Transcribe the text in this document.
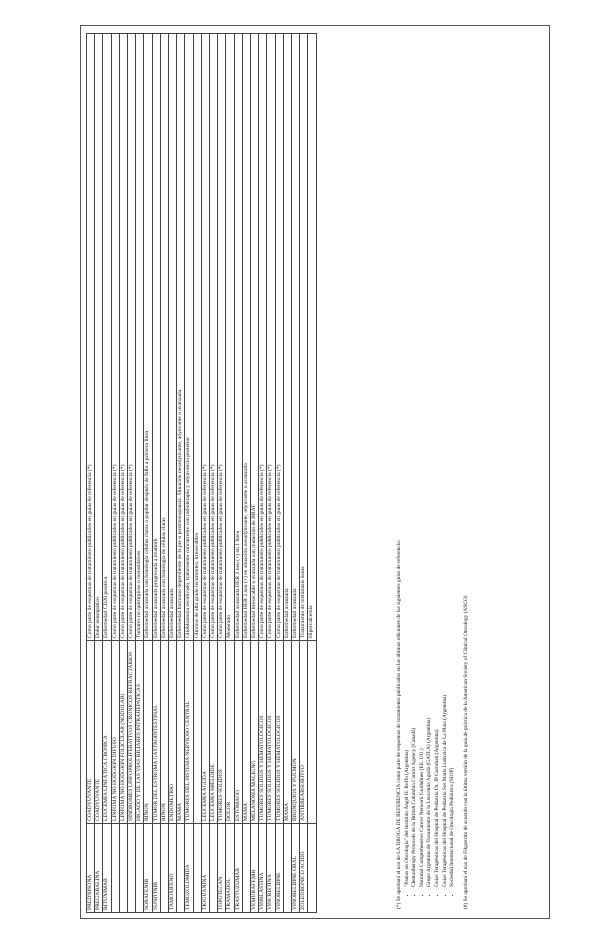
PREDNISONA	COADYUVANTE	Como parte de esquemas de tratamiento publicados en guías de referencia (*)
PREGABALINA	COADYUVANTE	Dolor neuropático
RITUXIMAB	LEUCEMIA LINFÁTICA CRÓNICA	Enfermedad CD20 positiva
	LINFOMA NO HODGKIN DIFUSO	Como parte de esquemas de tratamiento publicados en guías de referencia (*)
	LINFOMA NO HODGKIN FOLICULAR (NODULAR)	Como parte de esquemas de tratamiento publicados en guías de referencia (*)
	SINDROMES LINFOPROLIFERATIVOS CRÓNICOS REFRACTARIOS	Como parte de esquemas de tratamiento publicados en guías de referencia (*)
	HIGADO Y DE LAS VIAS BILIARES INTRAHEPATICAS	Tumores no quirúrgicos o metastásicos
SORAFENIB	RIÑON	Enfermedad avanzada con histología células claras o papilar después de fallo a primera línea
SUNITINIB	TUMOR DEL ESTROMA GASTROINTESTINAL	Enfermedad avanzada progresada a imatinib
	RIÑON	Enfermedad avanzada con histología de células claras
TAMOXIFENO	ENDOMETRIO	Enfermedad avanzada
	MAMA	Enfermedad hormono dependiente de la pre o postmenopausia. Situación neoadyuvante, adyuvante o avanzada.
TEMOZOLOMIDA	TUMORES DEL SISTEMA NERVIOSO CENTRAL	Glioblastoma recidivado, tratamiento concurrente con radioterapia y adyuvancia posterior
		Gliomas de alto grado recurrentes, irresecables
TIOGUANINA	LEUCEMIA AGUDA	Como parte de esquemas de tratamiento publicados en guías de referencia (*)
	LEUCEMIA MIELOIDE	Como parte de esquemas de tratamiento publicados en guías de referencia (*)
TOPOTECAN	TUMORES SÓLIDOS	Como parte de esquemas de tratamiento publicados en guías de referencia (*)
TRAMADOL	DOLOR	Moderado
TRASTUZUMAB	ESTÓMAGO	Enfermedad avanzada HER 2 neu (+) en 1 línea
	MAMA	Enfermedad HER 2 neu (+) en situación neoadyuvante, adyuvante o avanzada
VEMURAFENIB	MELANOMA MALIGNO	Enfermedad irresecable o avanzada con mutación de BRAF
VINBLASTINA	TUMORES SÓLIDOS Y HEMATOLÓGICOS	Como parte de esquemas de tratamiento publicados en guías de referencia (*)
VINCRISTINA	TUMORES SÓLIDOS Y HEMATOLÓGICOS	Como parte de esquemas de tratamiento publicados en guías de referencia (*)
VINORELBINE	TUMORES SÓLIDOS Y HEMATOLÓGICOS	Como parte de esquemas de tratamiento publicados en guías de referencia (*)
	MAMA	Enfermedad avanzada
VINORELBINE ORAL	BRONQUIOS Y PULMÓN	Enfermedad avanzada
ZOLEDRONICO ACIDO	ANTIRREABSORTIVO	Tratamiento de metástasis óseas
		Hipercalcemia	(*) Se aprobará el uso de LA DROGA DE REFERENCIA como parte de esquemas de tratamiento publicados en las últimas ediciones de las siguientes guías de referencia: • "Pautas en Oncología" del Instituto Ángel H. Roffo (Argentina) • Chemotherapy Protocols de la British Columbia Cancer Agency (Canadá) • National Comprehensive Cancer Network Guidelines (EE. UU.) • Grupo Argentino de Tratamiento de la Leucemia Aguda (GATLA) (Argentina) • Guías Terapéuticas del Hospital de Pediatría Dr. JP Garrahan (Argentina) • Guías Terapéuticas del Hospital de Pediatría Sor María Ludovica de La Plata (Argentina) • Sociedad Internacional de Oncología Pediátrica (SIOP) (#) Se aprobará el uso de Filgastrim de acuerdo con la última versión de la guía de práctica de la American Society of Clinical Oncology (ASCO)
